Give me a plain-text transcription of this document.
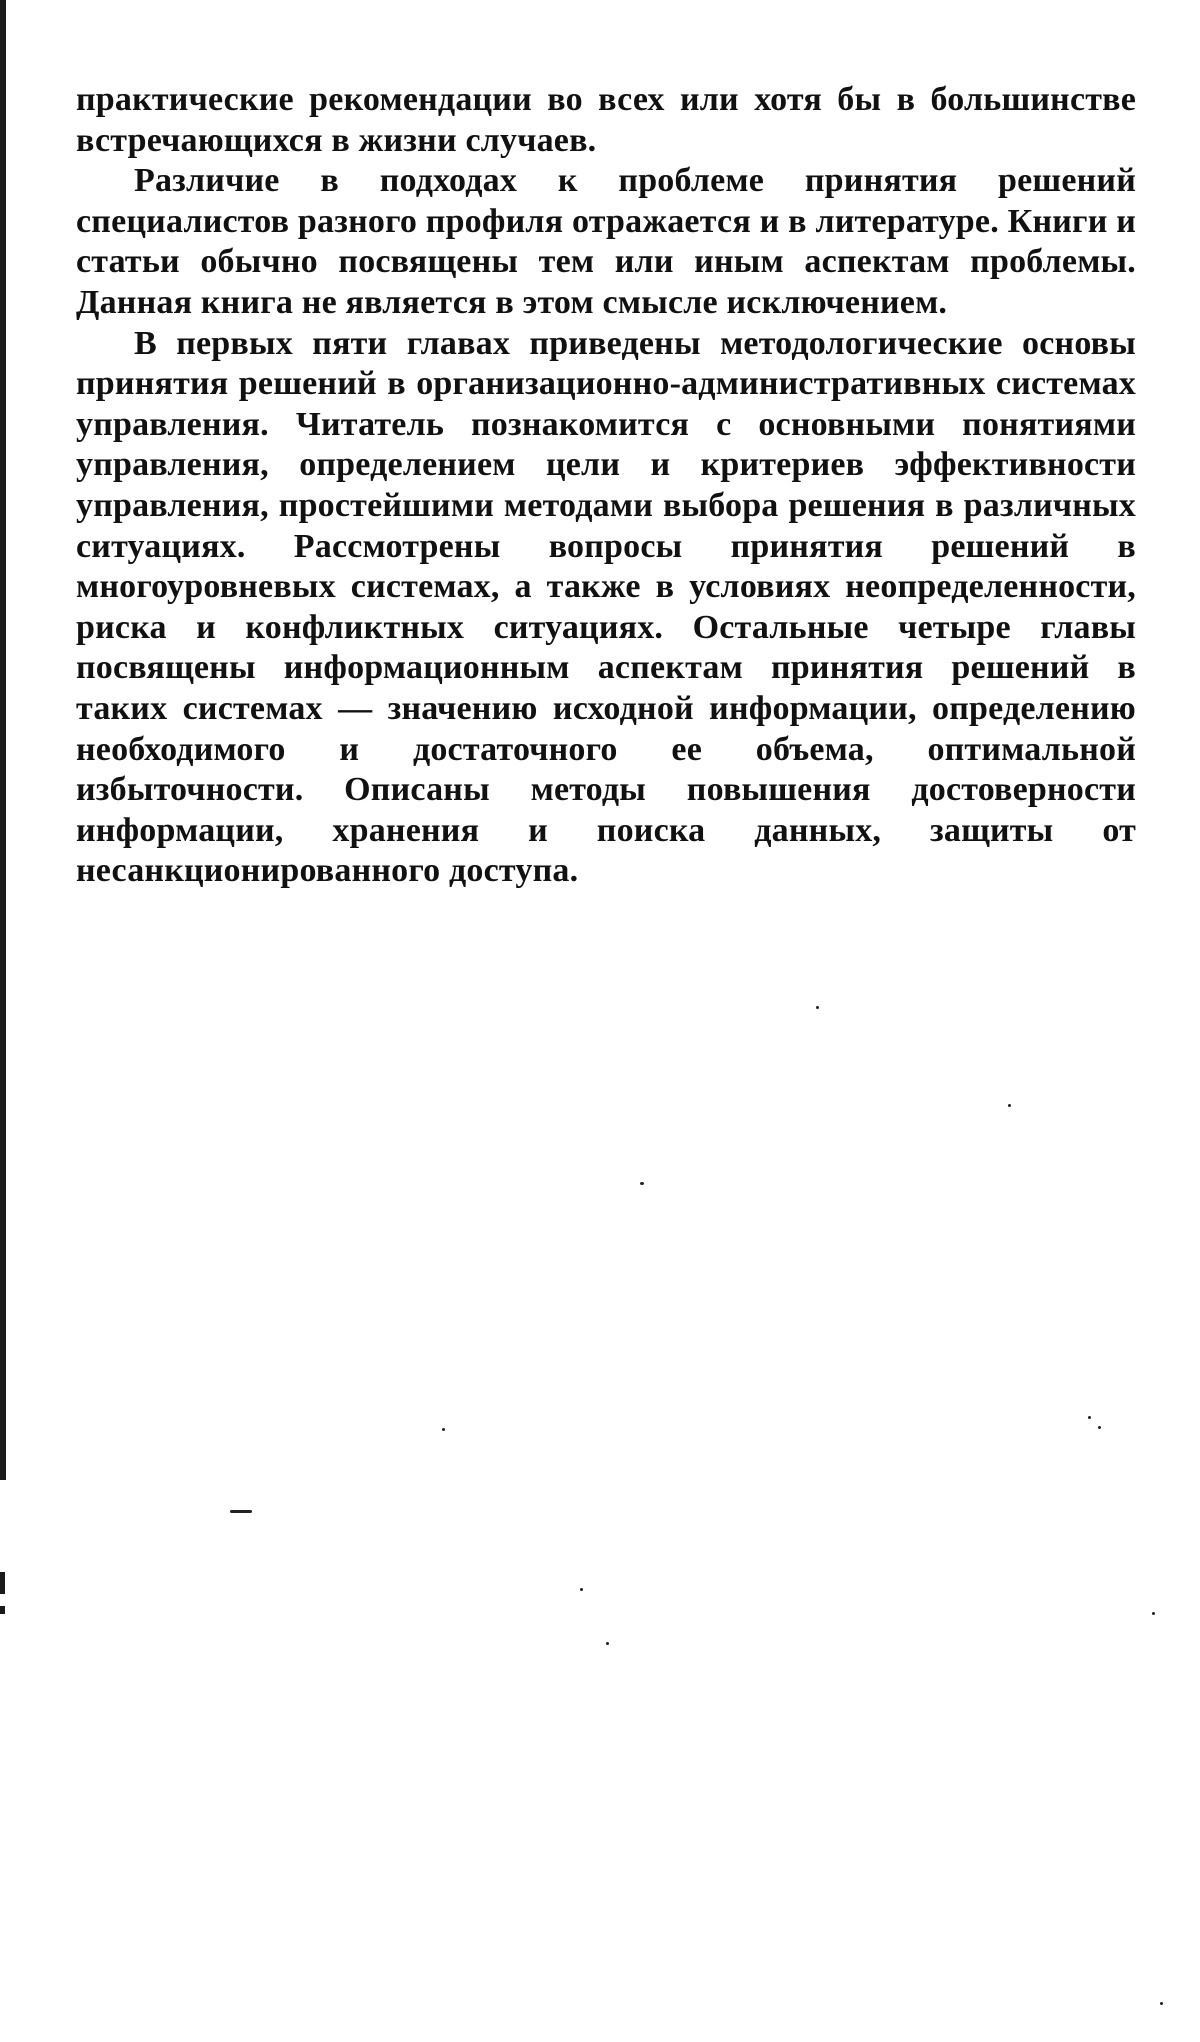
практические рекомендации во всех или хотя бы в большинстве встречающихся в жизни случаев.

Различие в подходах к проблеме принятия решений специалистов разного профиля отражается и в литературе. Книги и статьи обычно посвящены тем или иным аспектам проблемы. Данная книга не является в этом смысле исключением.

В первых пяти главах приведены методологические основы принятия решений в организационно-административных системах управления. Читатель познакомится с основными понятиями управления, определением цели и критериев эффективности управления, простейшими методами выбора решения в различных ситуациях. Рассмотрены вопросы принятия решений в многоуровневых системах, а также в условиях неопределенности, риска и конфликтных ситуациях. Остальные четыре главы посвящены информационным аспектам принятия решений в таких системах — значению исходной информации, определению необходимого и достаточного ее объема, оптимальной избыточности. Описаны методы повышения достоверности информации, хранения и поиска данных, защиты от несанкционированного доступа.
